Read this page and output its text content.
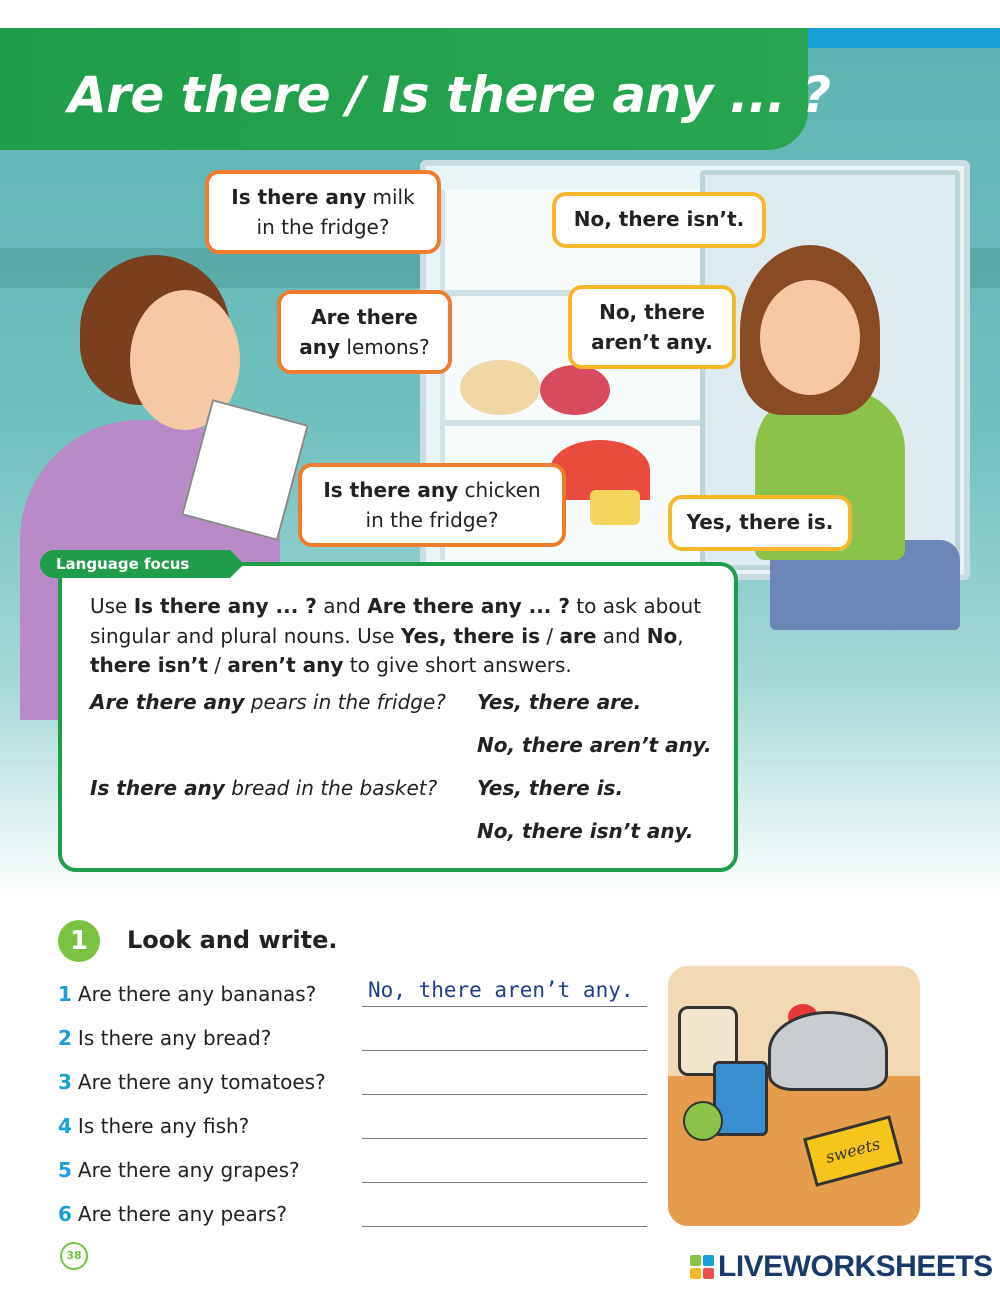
Are there / Is there any ... ?
Is there any milk
in the fridge?
Are there
any lemons?
Is there any chicken
in the fridge?
No, there isn’t.
No, there
aren’t any.
Yes, there is.
Language focus
Use Is there any ... ? and Are there any ... ? to ask about singular and plural nouns. Use Yes, there is / are and No, there isn’t / aren’t any to give short answers.
Are there any pears in the fridge? Yes, there are.
No, there aren’t any.
Is there any bread in the basket? Yes, there is.
No, there isn’t any.
1	Look and write.
1 Are there any bananas?
2 Is there any bread?
3 Are there any tomatoes?
4 Is there any fish?
5 Are there any grapes?
6 Are there any pears?
No, there aren’t any.
sweets
38	LIVEWORKSHEETS
